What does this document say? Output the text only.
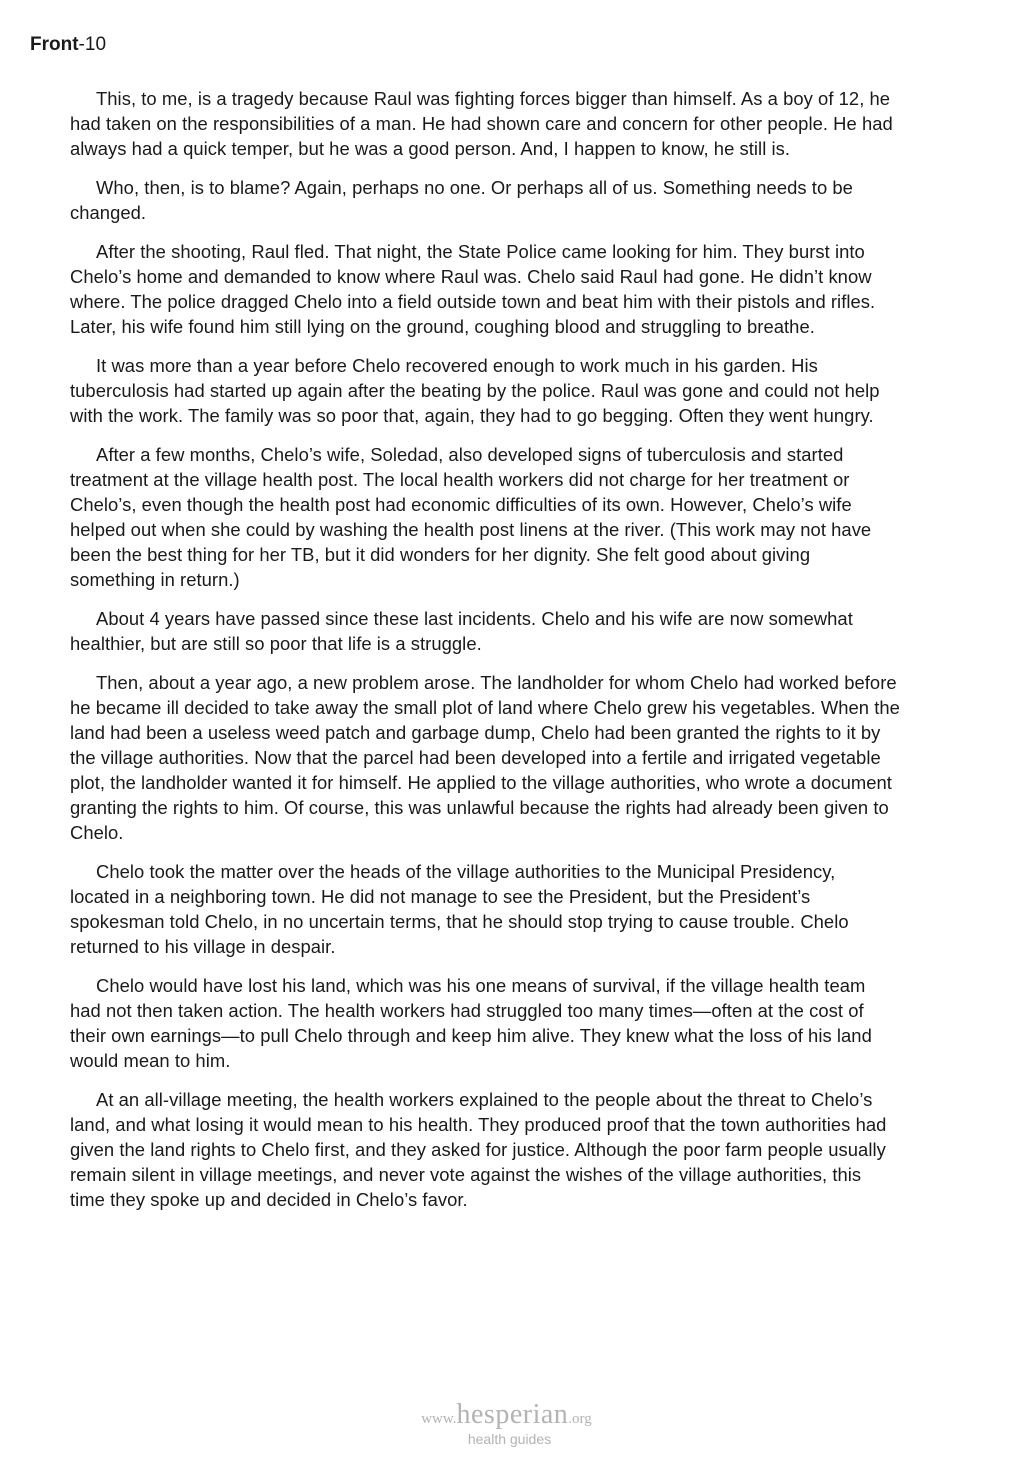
Front-10

This, to me, is a tragedy because Raul was fighting forces bigger than himself. As a boy of 12, he had taken on the responsibilities of a man. He had shown care and concern for other people. He had always had a quick temper, but he was a good person. And, I happen to know, he still is.

Who, then, is to blame? Again, perhaps no one. Or perhaps all of us. Something needs to be changed.

After the shooting, Raul fled. That night, the State Police came looking for him. They burst into Chelo’s home and demanded to know where Raul was. Chelo said Raul had gone. He didn’t know where. The police dragged Chelo into a field outside town and beat him with their pistols and rifles. Later, his wife found him still lying on the ground, coughing blood and struggling to breathe.

It was more than a year before Chelo recovered enough to work much in his garden. His tuberculosis had started up again after the beating by the police. Raul was gone and could not help with the work. The family was so poor that, again, they had to go begging. Often they went hungry.

After a few months, Chelo’s wife, Soledad, also developed signs of tuberculosis and started treatment at the village health post. The local health workers did not charge for her treatment or Chelo’s, even though the health post had economic difficulties of its own. However, Chelo’s wife helped out when she could by washing the health post linens at the river. (This work may not have been the best thing for her TB, but it did wonders for her dignity. She felt good about giving something in return.)

About 4 years have passed since these last incidents. Chelo and his wife are now somewhat healthier, but are still so poor that life is a struggle.

Then, about a year ago, a new problem arose. The landholder for whom Chelo had worked before he became ill decided to take away the small plot of land where Chelo grew his vegetables. When the land had been a useless weed patch and garbage dump, Chelo had been granted the rights to it by the village authorities. Now that the parcel had been developed into a fertile and irrigated vegetable plot, the landholder wanted it for himself. He applied to the village authorities, who wrote a document granting the rights to him. Of course, this was unlawful because the rights had already been given to Chelo.

Chelo took the matter over the heads of the village authorities to the Municipal Presidency, located in a neighboring town. He did not manage to see the President, but the President’s spokesman told Chelo, in no uncertain terms, that he should stop trying to cause trouble. Chelo returned to his village in despair.

Chelo would have lost his land, which was his one means of survival, if the village health team had not then taken action. The health workers had struggled too many times—often at the cost of their own earnings—to pull Chelo through and keep him alive. They knew what the loss of his land would mean to him.

At an all-village meeting, the health workers explained to the people about the threat to Chelo’s land, and what losing it would mean to his health. They produced proof that the town authorities had given the land rights to Chelo first, and they asked for justice. Although the poor farm people usually remain silent in village meetings, and never vote against the wishes of the village authorities, this time they spoke up and decided in Chelo’s favor.

www.hesperian.org
health guides
